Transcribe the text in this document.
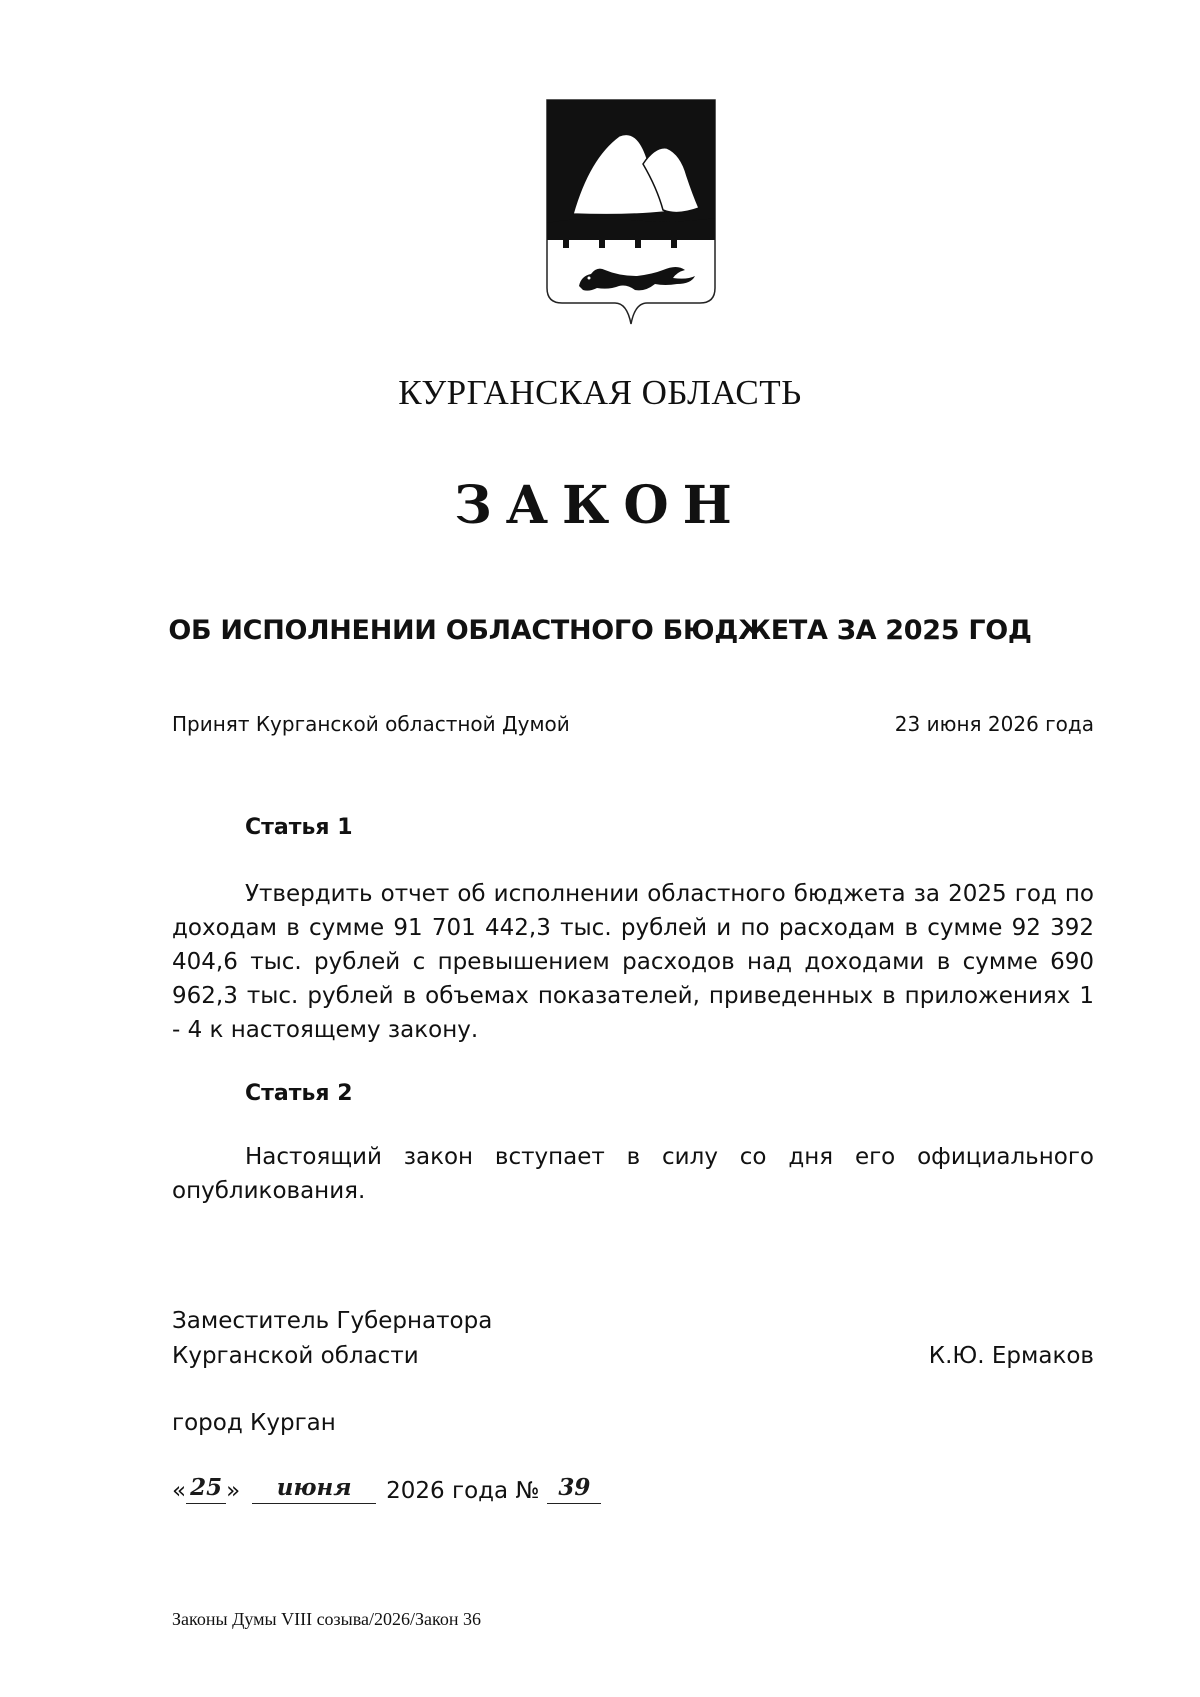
КУРГАНСКАЯ ОБЛАСТЬ
ЗАКОН
ОБ ИСПОЛНЕНИИ ОБЛАСТНОГО БЮДЖЕТА ЗА 2025 ГОД
Принят Курганской областной Думой	23 июня 2026 года
Статья 1

Утвердить отчет об исполнении областного бюджета за 2025 год по доходам в сумме 91 701 442,3 тыс. рублей и по расходам в сумме 92 392 404,6 тыс. рублей с превышением расходов над доходами в сумме 690 962,3 тыс. рублей в объемах показателей, приведенных в приложениях 1 - 4 к настоящему закону.

Статья 2

Настоящий закон вступает в силу со дня его официального опубликования.

Заместитель Губернатора
Курганской области	К.Ю. Ермаков
город Курган
« 25 »	июня	2026 года № 39
Законы Думы VIII созыва/2026/Закон 36
